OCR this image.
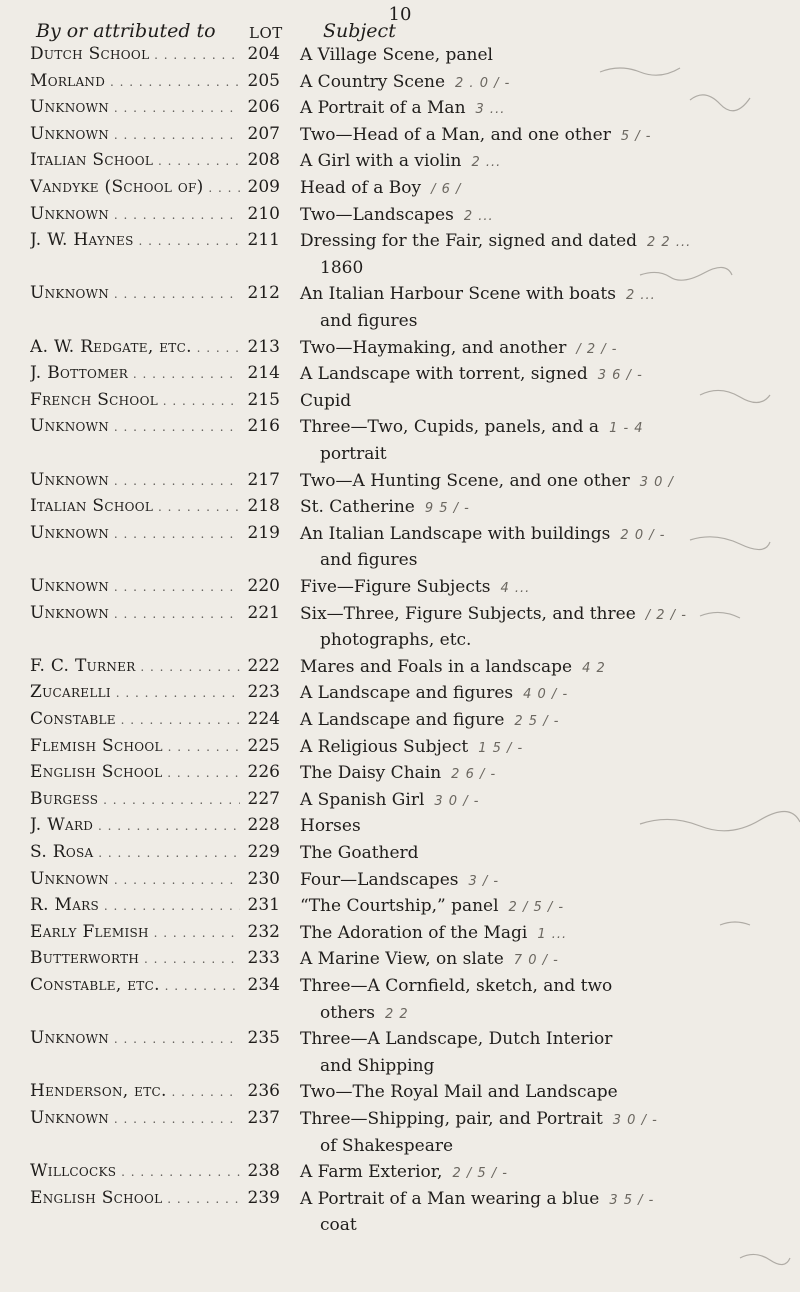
10
By or attributed to LOT Subject
Dutch School . . .	204 A Village Scene, panel
Morland . . .	205 A Country Scene 2 . 0 / -
Unknown . . .	206 A Portrait of a Man 3 ...
Unknown . . .	207 Two—Head of a Man, and one other 5 / -
Italian School . . .	208 A Girl with a violin 2 ...
Vandyke (School of) . . .	209 Head of a Boy / 6 /
Unknown . . .	210 Two—Landscapes 2 ...
J. W. Haynes . . .	211 Dressing for the Fair, signed and dated 2 2 ...
1860
Unknown . . .	212 An Italian Harbour Scene with boats 2 ...
and figures
A. W. Redgate, etc. . . .	213 Two—Haymaking, and another / 2 / -
J. Bottomer . . .	214 A Landscape with torrent, signed 3 6 / -
French School . . .	215 Cupid
Unknown . . .	216 Three—Two, Cupids, panels, and a 1 - 4
portrait
Unknown . . .	217 Two—A Hunting Scene, and one other 3 0 /
Italian School . . .	218 St. Catherine 9 5 / -
Unknown . . .	219 An Italian Landscape with buildings 2 0 / -
and figures
Unknown . . .	220 Five—Figure Subjects 4 ...
Unknown . . .	221 Six—Three, Figure Subjects, and three / 2 / -
photographs, etc.
F. C. Turner . . .	222 Mares and Foals in a landscape 4 2
Zucarelli . . .	223 A Landscape and figures 4 0 / -
Constable . . .	224 A Landscape and figure 2 5 / -
Flemish School . . .	225 A Religious Subject 1 5 / -
English School . . .	226 The Daisy Chain 2 6 / -
Burgess . . .	227 A Spanish Girl 3 0 / -
J. Ward . . .	228 Horses
S. Rosa . . .	229 The Goatherd
Unknown . . .	230 Four—Landscapes 3 / -
R. Mars . . .	231 “The Courtship,” panel 2 / 5 / -
Early Flemish . . .	232 The Adoration of the Magi 1 ...
Butterworth . . .	233 A Marine View, on slate 7 0 / -
Constable, etc. . . .	234 Three—A Cornfield, sketch, and two
others 2 2
Unknown . . .	235 Three—A Landscape, Dutch Interior
and Shipping
Henderson, etc. . . .	236 Two—The Royal Mail and Landscape
Unknown . . .	237 Three—Shipping, pair, and Portrait 3 0 / -
of Shakespeare
Willcocks . . .	238 A Farm Exterior, 2 / 5 / -
English School . . .	239 A Portrait of a Man wearing a blue 3 5 / -
coat
